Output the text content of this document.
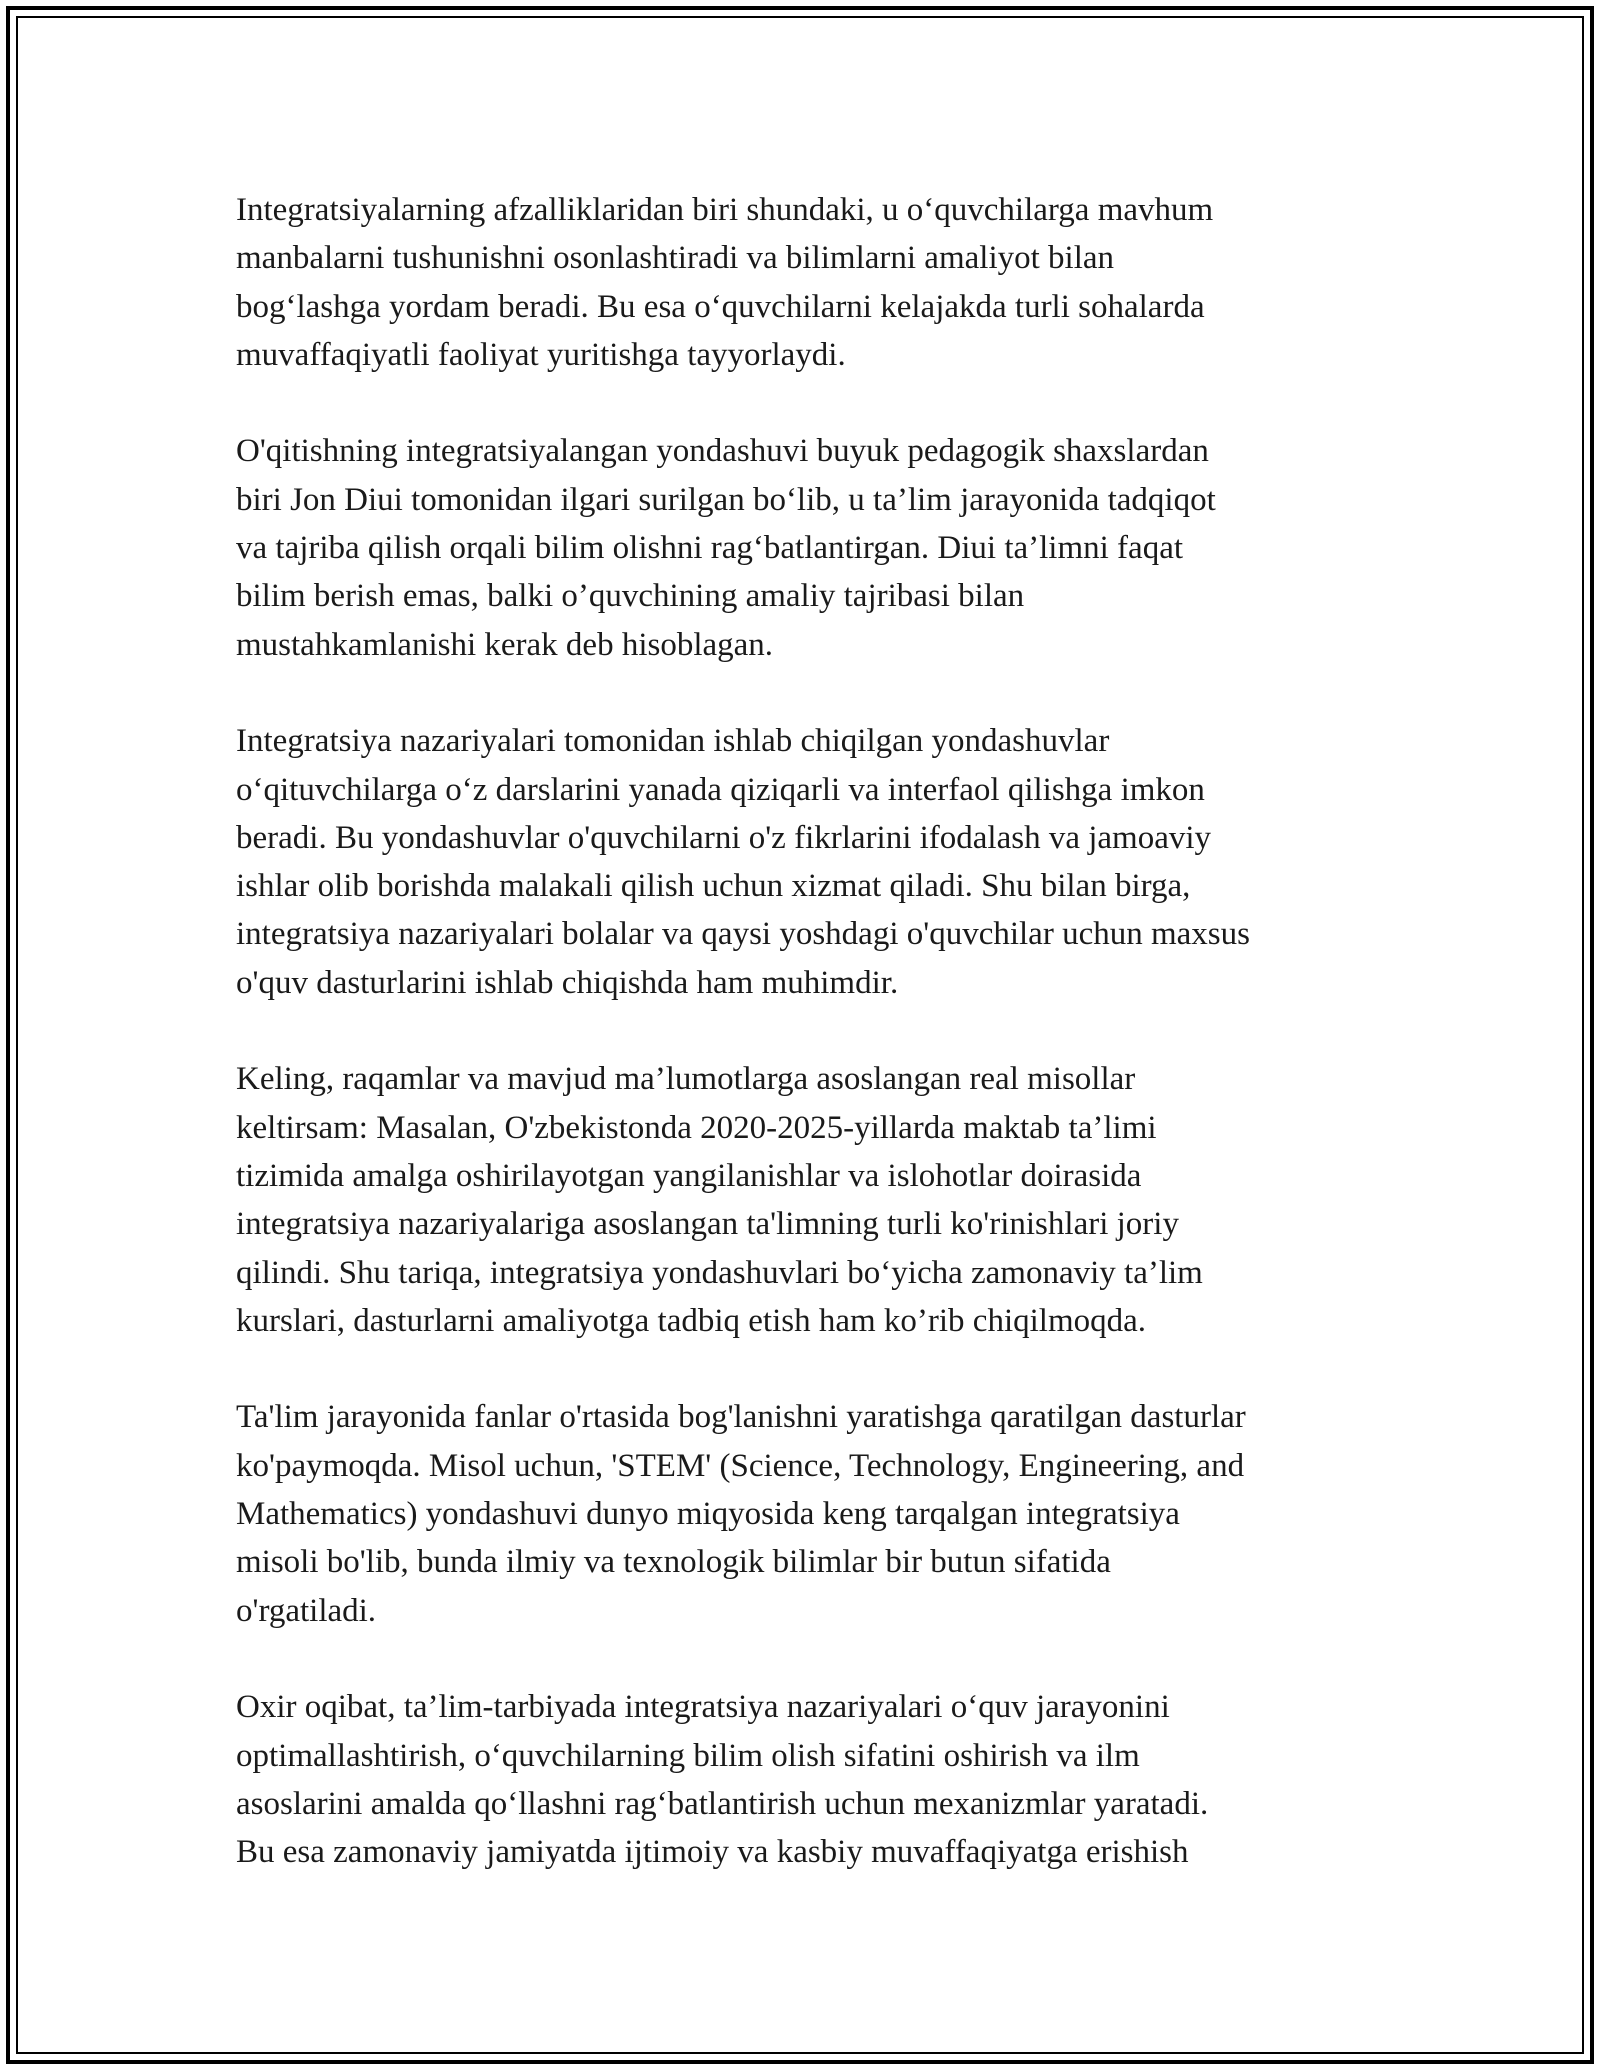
Integratsiyalarning afzalliklaridan biri shundaki, u o‘quvchilarga mavhum
manbalarni tushunishni osonlashtiradi va bilimlarni amaliyot bilan
bog‘lashga yordam beradi. Bu esa o‘quvchilarni kelajakda turli sohalarda
muvaffaqiyatli faoliyat yuritishga tayyorlaydi.

O'qitishning integratsiyalangan yondashuvi buyuk pedagogik shaxslardan
biri Jon Diui tomonidan ilgari surilgan bo‘lib, u ta’lim jarayonida tadqiqot
va tajriba qilish orqali bilim olishni rag‘batlantirgan. Diui ta’limni faqat
bilim berish emas, balki o’quvchining amaliy tajribasi bilan
mustahkamlanishi kerak deb hisoblagan.

Integratsiya nazariyalari tomonidan ishlab chiqilgan yondashuvlar
o‘qituvchilarga o‘z darslarini yanada qiziqarli va interfaol qilishga imkon
beradi. Bu yondashuvlar o'quvchilarni o'z fikrlarini ifodalash va jamoaviy
ishlar olib borishda malakali qilish uchun xizmat qiladi. Shu bilan birga,
integratsiya nazariyalari bolalar va qaysi yoshdagi o'quvchilar uchun maxsus
o'quv dasturlarini ishlab chiqishda ham muhimdir.

Keling, raqamlar va mavjud ma’lumotlarga asoslangan real misollar
keltirsam: Masalan, O'zbekistonda 2020-2025-yillarda maktab ta’limi
tizimida amalga oshirilayotgan yangilanishlar va islohotlar doirasida
integratsiya nazariyalariga asoslangan ta'limning turli ko'rinishlari joriy
qilindi. Shu tariqa, integratsiya yondashuvlari bo‘yicha zamonaviy ta’lim
kurslari, dasturlarni amaliyotga tadbiq etish ham ko’rib chiqilmoqda.

Ta'lim jarayonida fanlar o'rtasida bog'lanishni yaratishga qaratilgan dasturlar
ko'paymoqda. Misol uchun, 'STEM' (Science, Technology, Engineering, and
Mathematics) yondashuvi dunyo miqyosida keng tarqalgan integratsiya
misoli bo'lib, bunda ilmiy va texnologik bilimlar bir butun sifatida
o'rgatiladi.

Oxir oqibat, ta’lim-tarbiyada integratsiya nazariyalari o‘quv jarayonini
optimallashtirish, o‘quvchilarning bilim olish sifatini oshirish va ilm
asoslarini amalda qo‘llashni rag‘batlantirish uchun mexanizmlar yaratadi.
Bu esa zamonaviy jamiyatda ijtimoiy va kasbiy muvaffaqiyatga erishish
